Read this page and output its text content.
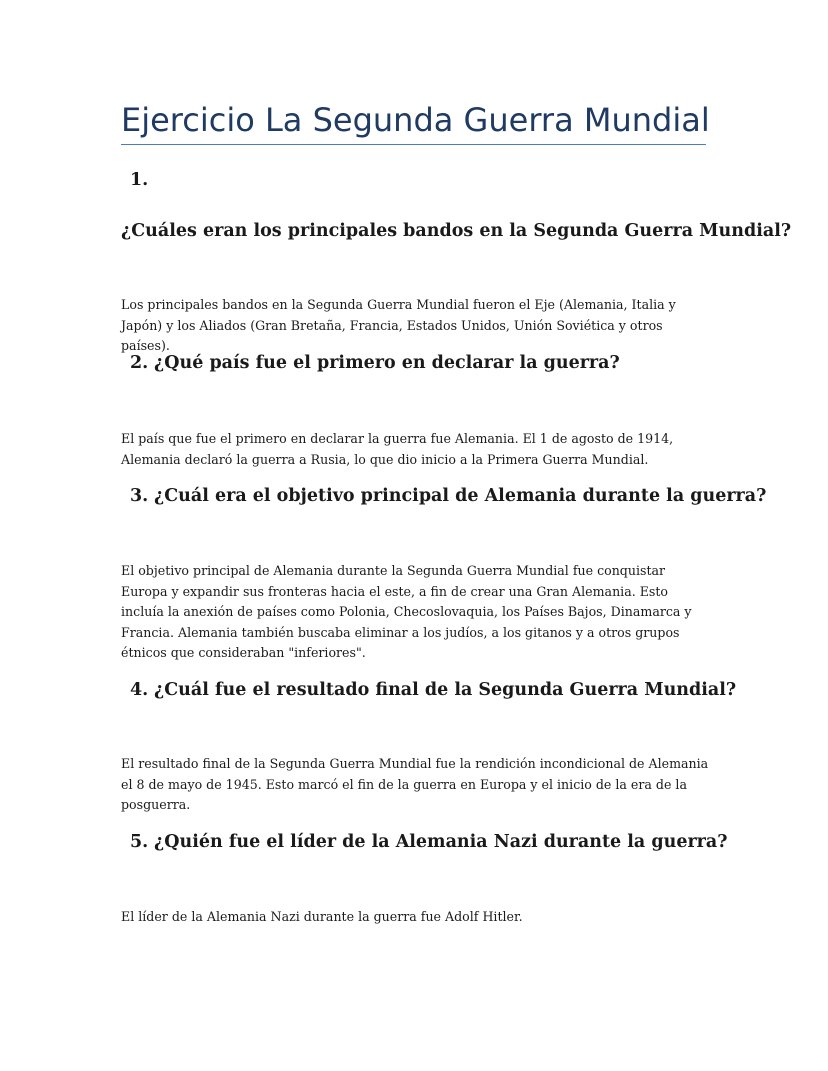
Ejercicio La Segunda Guerra Mundial
1.
¿Cuáles eran los principales bandos en la Segunda Guerra Mundial?

Los principales bandos en la Segunda Guerra Mundial fueron el Eje (Alemania, Italia y Japón) y los Aliados (Gran Bretaña, Francia, Estados Unidos, Unión Soviética y otros países).

2. ¿Qué país fue el primero en declarar la guerra?

El país que fue el primero en declarar la guerra fue Alemania. El 1 de agosto de 1914, Alemania declaró la guerra a Rusia, lo que dio inicio a la Primera Guerra Mundial.

3. ¿Cuál era el objetivo principal de Alemania durante la guerra?

El objetivo principal de Alemania durante la Segunda Guerra Mundial fue conquistar Europa y expandir sus fronteras hacia el este, a fin de crear una Gran Alemania. Esto incluía la anexión de países como Polonia, Checoslovaquia, los Países Bajos, Dinamarca y Francia. Alemania también buscaba eliminar a los judíos, a los gitanos y a otros grupos étnicos que consideraban "inferiores".

4. ¿Cuál fue el resultado final de la Segunda Guerra Mundial?

El resultado final de la Segunda Guerra Mundial fue la rendición incondicional de Alemania el 8 de mayo de 1945. Esto marcó el fin de la guerra en Europa y el inicio de la era de la posguerra.

5. ¿Quién fue el líder de la Alemania Nazi durante la guerra?

El líder de la Alemania Nazi durante la guerra fue Adolf Hitler.
